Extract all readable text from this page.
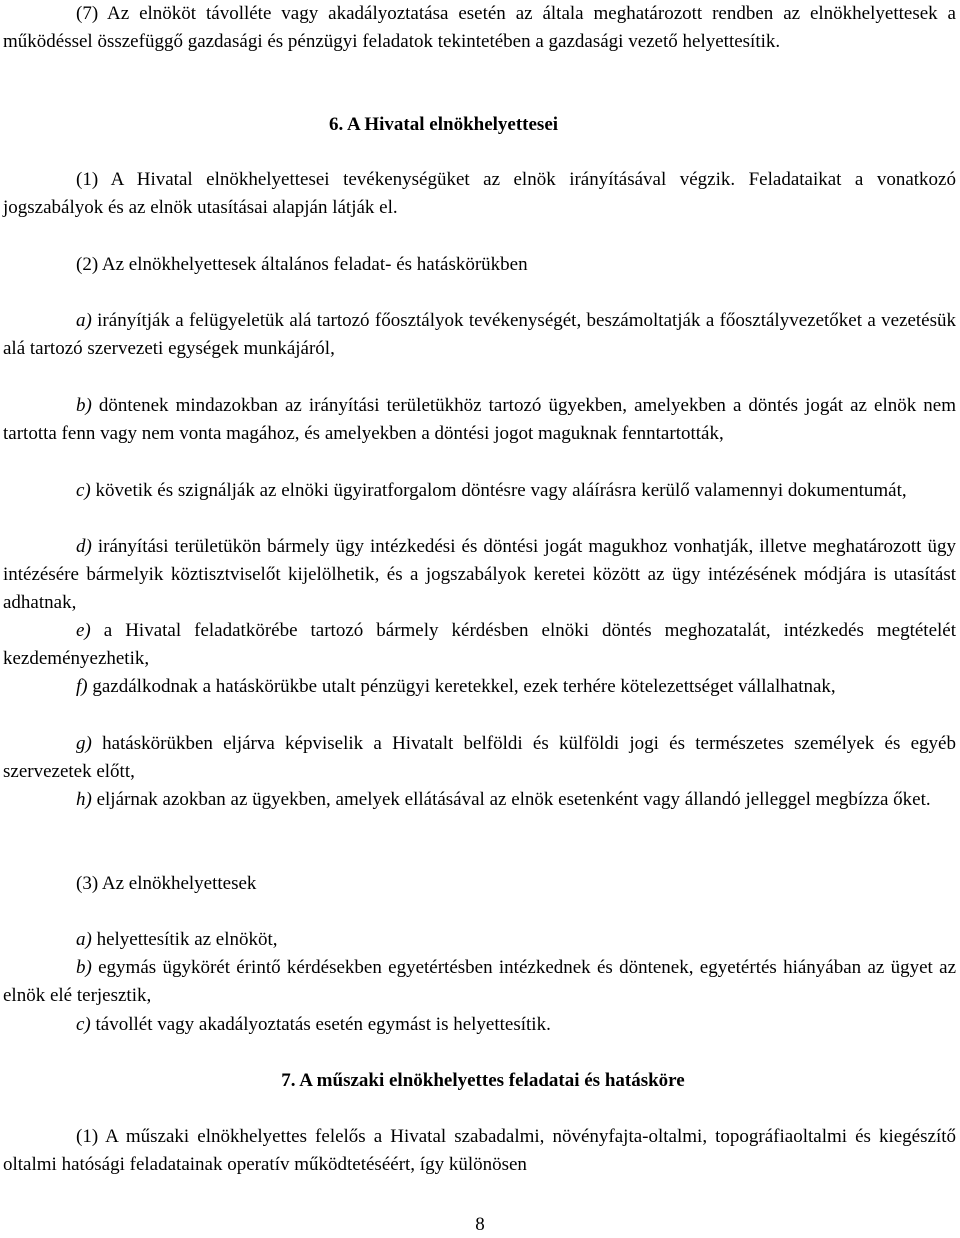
(7) Az elnököt távolléte vagy akadályoztatása esetén az általa meghatározott rendben az elnökhelyettesek a működéssel összefüggő gazdasági és pénzügyi feladatok tekintetében a gazdasági vezető helyettesítik.

6. A Hivatal elnökhelyettesei

(1) A Hivatal elnökhelyettesei tevékenységüket az elnök irányításával végzik. Feladataikat a vonatkozó jogszabályok és az elnök utasításai alapján látják el.

(2) Az elnökhelyettesek általános feladat- és hatáskörükben

a) irányítják a felügyeletük alá tartozó főosztályok tevékenységét, beszámoltatják a főosztályvezetőket a vezetésük alá tartozó szervezeti egységek munkájáról,

b) döntenek mindazokban az irányítási területükhöz tartozó ügyekben, amelyekben a döntés jogát az elnök nem tartotta fenn vagy nem vonta magához, és amelyekben a döntési jogot maguknak fenntartották,

c) követik és szignálják az elnöki ügyiratforgalom döntésre vagy aláírásra kerülő valamennyi dokumentumát,

d) irányítási területükön bármely ügy intézkedési és döntési jogát magukhoz vonhatják, illetve meghatározott ügy intézésére bármelyik köztisztviselőt kijelölhetik, és a jogszabályok keretei között az ügy intézésének módjára is utasítást adhatnak,

e) a Hivatal feladatkörébe tartozó bármely kérdésben elnöki döntés meghozatalát, intézkedés megtételét kezdeményezhetik,

f) gazdálkodnak a hatáskörükbe utalt pénzügyi keretekkel, ezek terhére kötelezettséget vállalhatnak,

g) hatáskörükben eljárva képviselik a Hivatalt belföldi és külföldi jogi és természetes személyek és egyéb szervezetek előtt,

h) eljárnak azokban az ügyekben, amelyek ellátásával az elnök esetenként vagy állandó jelleggel megbízza őket.

(3) Az elnökhelyettesek

a) helyettesítik az elnököt,

b) egymás ügykörét érintő kérdésekben egyetértésben intézkednek és döntenek, egyetértés hiányában az ügyet az elnök elé terjesztik,

c) távollét vagy akadályoztatás esetén egymást is helyettesítik.

7. A műszaki elnökhelyettes feladatai és hatásköre

(1) A műszaki elnökhelyettes felelős a Hivatal szabadalmi, növényfajta-oltalmi, topográfiaoltalmi és kiegészítő oltalmi hatósági feladatainak operatív működtetéséért, így különösen

8
